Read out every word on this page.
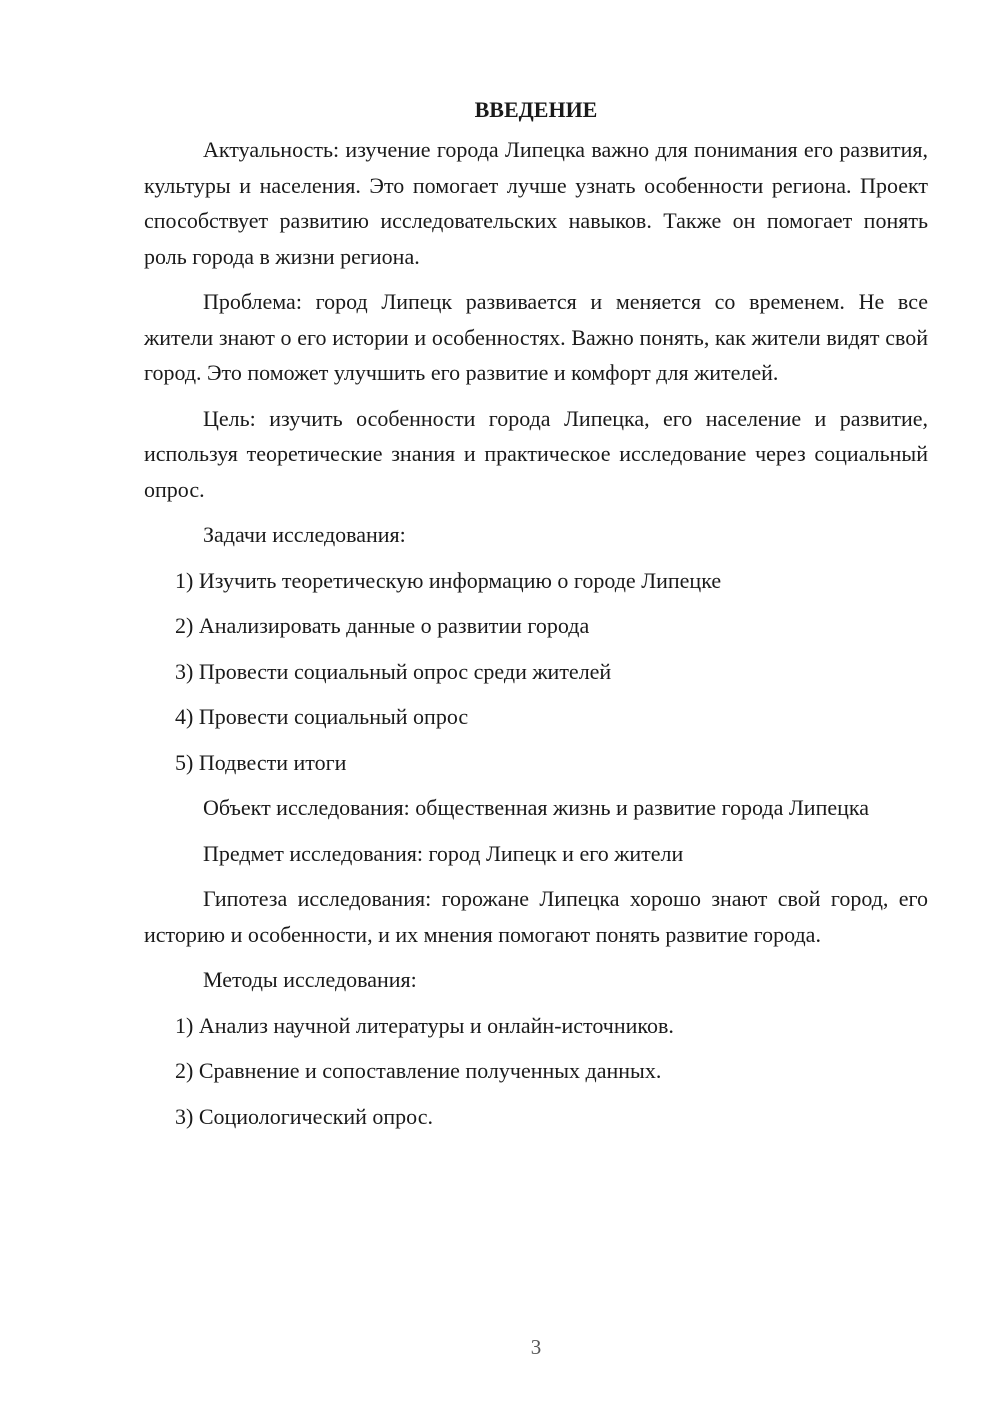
ВВЕДЕНИЕ

Актуальность: изучение города Липецка важно для понимания его развития, культуры и населения. Это помогает лучше узнать особенности региона. Проект способствует развитию исследовательских навыков. Также он помогает понять роль города в жизни региона.

Проблема: город Липецк развивается и меняется со временем. Не все жители знают о его истории и особенностях. Важно понять, как жители видят свой город. Это поможет улучшить его развитие и комфорт для жителей.

Цель: изучить особенности города Липецка, его население и развитие, используя теоретические знания и практическое исследование через социальный опрос.

Задачи исследования:
1) Изучить теоретическую информацию о городе Липецке
2) Анализировать данные о развитии города
3) Провести социальный опрос среди жителей
4) Провести социальный опрос
5) Подвести итоги

Объект исследования: общественная жизнь и развитие города Липецка

Предмет исследования: город Липецк и его жители

Гипотеза исследования: горожане Липецка хорошо знают свой город, его историю и особенности, и их мнения помогают понять развитие города.

Методы исследования:
1) Анализ научной литературы и онлайн-источников.
2) Сравнение и сопоставление полученных данных.
3) Социологический опрос.
3
